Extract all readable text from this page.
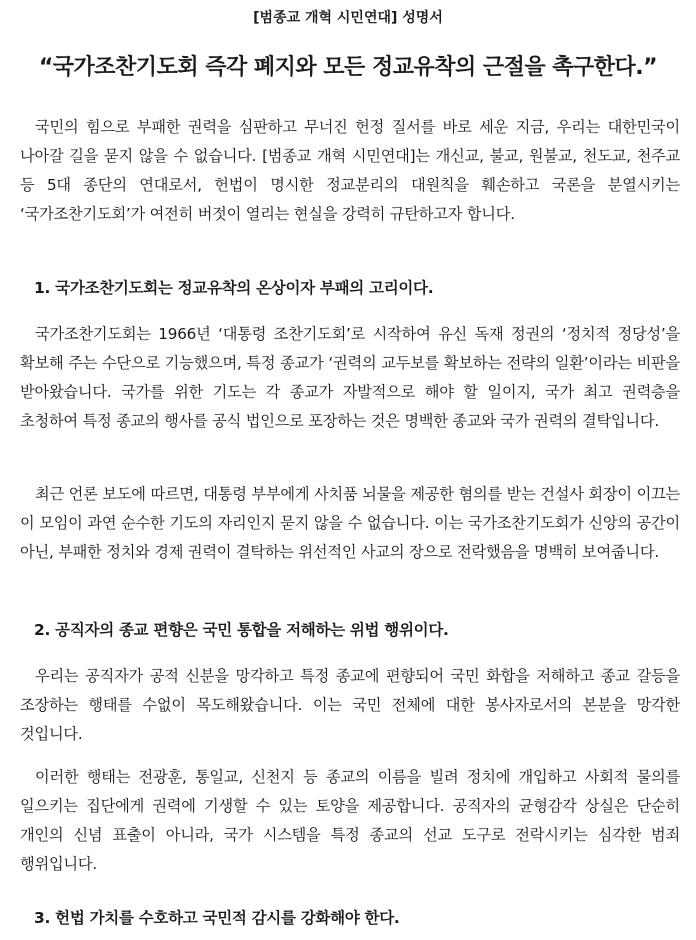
[범종교 개혁 시민연대] 성명서
“국가조찬기도회 즉각 폐지와 모든 정교유착의 근절을 촉구한다.”
국민의 힘으로 부패한 권력을 심판하고 무너진 헌정 질서를 바로 세운 지금, 우리는 대한민국이 나아갈 길을 묻지 않을 수 없습니다. [범종교 개혁 시민연대]는 개신교, 불교, 원불교, 천도교, 천주교 등 5대 종단의 연대로서, 헌법이 명시한 정교분리의 대원칙을 훼손하고 국론을 분열시키는 ‘국가조찬기도회’가 여전히 버젓이 열리는 현실을 강력히 규탄하고자 합니다.
1. 국가조찬기도회는 정교유착의 온상이자 부패의 고리이다.
국가조찬기도회는 1966년 ‘대통령 조찬기도회’로 시작하여 유신 독재 정권의 ‘정치적 정당성’을 확보해 주는 수단으로 기능했으며, 특정 종교가 ‘권력의 교두보를 확보하는 전략의 일환’이라는 비판을 받아왔습니다. 국가를 위한 기도는 각 종교가 자발적으로 해야 할 일이지, 국가 최고 권력층을 초청하여 특정 종교의 행사를 공식 법인으로 포장하는 것은 명백한 종교와 국가 권력의 결탁입니다.
최근 언론 보도에 따르면, 대통령 부부에게 사치품 뇌물을 제공한 혐의를 받는 건설사 회장이 이끄는 이 모임이 과연 순수한 기도의 자리인지 묻지 않을 수 없습니다. 이는 국가조찬기도회가 신앙의 공간이 아닌, 부패한 정치와 경제 권력이 결탁하는 위선적인 사교의 장으로 전락했음을 명백히 보여줍니다.
2. 공직자의 종교 편향은 국민 통합을 저해하는 위법 행위이다.
우리는 공직자가 공적 신분을 망각하고 특정 종교에 편향되어 국민 화합을 저해하고 종교 갈등을 조장하는 행태를 수없이 목도해왔습니다. 이는 국민 전체에 대한 봉사자로서의 본분을 망각한 것입니다.
이러한 행태는 전광훈, 통일교, 신천지 등 종교의 이름을 빌려 정치에 개입하고 사회적 물의를 일으키는 집단에게 권력에 기생할 수 있는 토양을 제공합니다. 공직자의 균형감각 상실은 단순히 개인의 신념 표출이 아니라, 국가 시스템을 특정 종교의 선교 도구로 전락시키는 심각한 범죄 행위입니다.
3. 헌법 가치를 수호하고 국민적 감시를 강화해야 한다.
